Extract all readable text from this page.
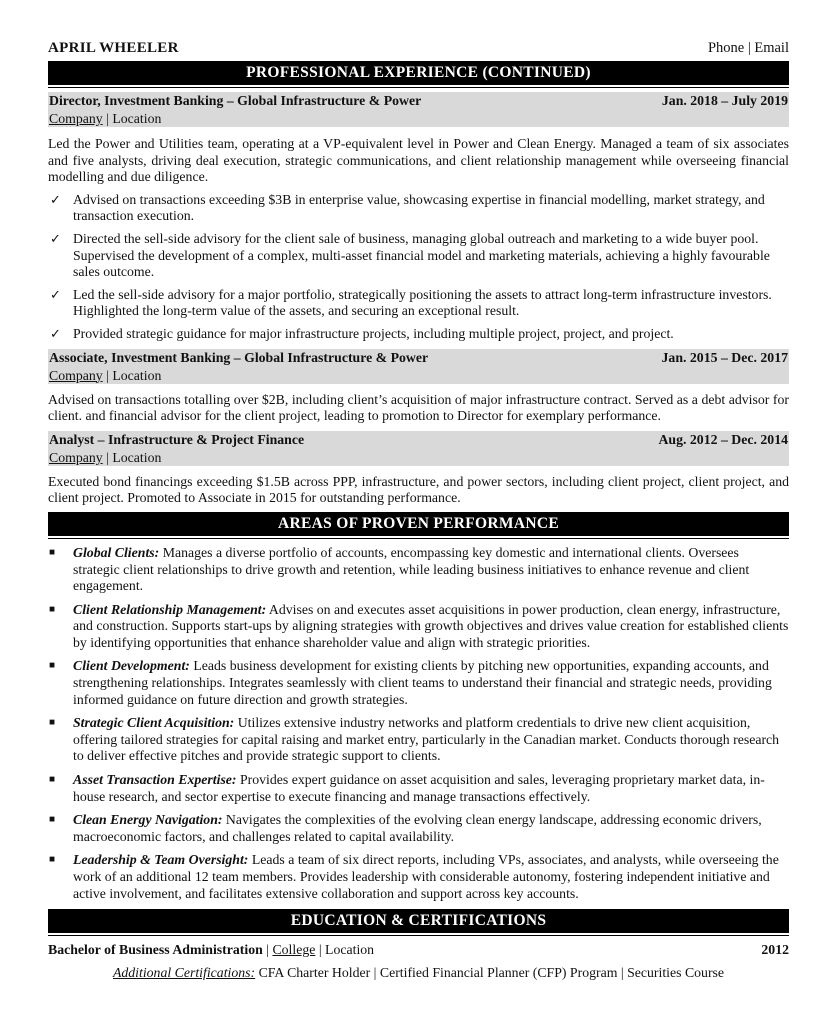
APRIL WHEELER	Phone | Email
PROFESSIONAL EXPERIENCE (CONTINUED)
Director, Investment Banking – Global Infrastructure & Power	Jan. 2018 – July 2019
Company | Location
Led the Power and Utilities team, operating at a VP-equivalent level in Power and Clean Energy. Managed a team of six associates and five analysts, driving deal execution, strategic communications, and client relationship management while overseeing financial modelling and due diligence.
✓ Advised on transactions exceeding $3B in enterprise value, showcasing expertise in financial modelling, market strategy, and transaction execution.
✓ Directed the sell-side advisory for the client sale of business, managing global outreach and marketing to a wide buyer pool. Supervised the development of a complex, multi-asset financial model and marketing materials, achieving a highly favourable sales outcome.
✓ Led the sell-side advisory for a major portfolio, strategically positioning the assets to attract long-term infrastructure investors. Highlighted the long-term value of the assets, and securing an exceptional result.
✓ Provided strategic guidance for major infrastructure projects, including multiple project, project, and project.
Associate, Investment Banking – Global Infrastructure & Power	Jan. 2015 – Dec. 2017
Company | Location
Advised on transactions totalling over $2B, including client’s acquisition of major infrastructure contract. Served as a debt advisor for client. and financial advisor for the client project, leading to promotion to Director for exemplary performance.
Analyst – Infrastructure & Project Finance	Aug. 2012 – Dec. 2014
Company | Location
Executed bond financings exceeding $1.5B across PPP, infrastructure, and power sectors, including client project, client project, and client project. Promoted to Associate in 2015 for outstanding performance.
AREAS OF PROVEN PERFORMANCE
■ Global Clients: Manages a diverse portfolio of accounts, encompassing key domestic and international clients. Oversees strategic client relationships to drive growth and retention, while leading business initiatives to enhance revenue and client engagement.
■ Client Relationship Management: Advises on and executes asset acquisitions in power production, clean energy, infrastructure, and construction. Supports start-ups by aligning strategies with growth objectives and drives value creation for established clients by identifying opportunities that enhance shareholder value and align with strategic priorities.
■ Client Development: Leads business development for existing clients by pitching new opportunities, expanding accounts, and strengthening relationships. Integrates seamlessly with client teams to understand their financial and strategic needs, providing informed guidance on future direction and growth strategies.
■ Strategic Client Acquisition: Utilizes extensive industry networks and platform credentials to drive new client acquisition, offering tailored strategies for capital raising and market entry, particularly in the Canadian market. Conducts thorough research to deliver effective pitches and provide strategic support to clients.
■ Asset Transaction Expertise: Provides expert guidance on asset acquisition and sales, leveraging proprietary market data, in-house research, and sector expertise to execute financing and manage transactions effectively.
■ Clean Energy Navigation: Navigates the complexities of the evolving clean energy landscape, addressing economic drivers, macroeconomic factors, and challenges related to capital availability.
■ Leadership & Team Oversight: Leads a team of six direct reports, including VPs, associates, and analysts, while overseeing the work of an additional 12 team members. Provides leadership with considerable autonomy, fostering independent initiative and active involvement, and facilitates extensive collaboration and support across key accounts.
EDUCATION & CERTIFICATIONS
Bachelor of Business Administration | College | Location	2012
Additional Certifications: CFA Charter Holder | Certified Financial Planner (CFP) Program | Securities Course
